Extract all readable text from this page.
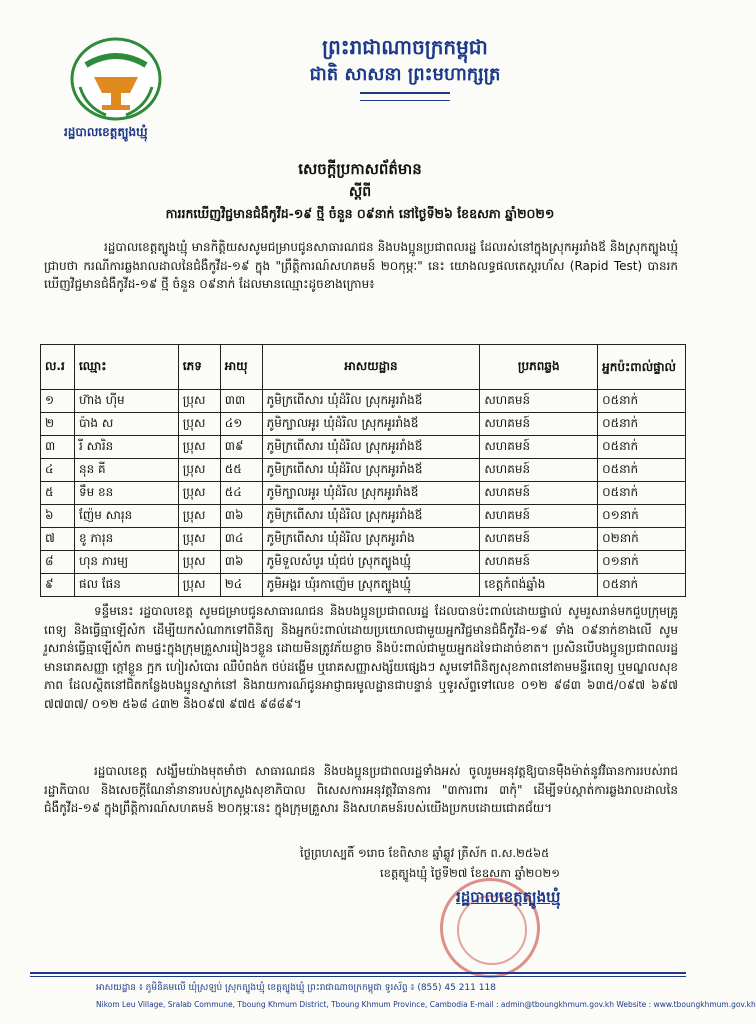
រដ្ឋបាលខេត្តត្បូងឃ្មុំ
ព្រះរាជាណាចក្រកម្ពុជា
ជាតិ សាសនា ព្រះមហាក្សត្រ
សេចក្តីប្រកាសព័ត៌មាន
ស្តីពី
ការរកឃើញវិជ្ជមានជំងឺកូវីដ-១៩ ថ្មី ចំនួន ០៩នាក់ នៅថ្ងៃទី២៦ ខែឧសភា ឆ្នាំ២០២១
រដ្ឋបាលខេត្តត្បូងឃ្មុំ មានកិត្តិយសសូមជម្រាបជូនសាធារណជន និងបងប្អូនប្រជាពលរដ្ឋ ដែលរស់នៅក្នុងស្រុកអូររាំងឪ និងស្រុកត្បូងឃ្មុំ ជ្រាបថា ករណីការឆ្លងរាលដាលនៃជំងឺកូវីដ-១៩ ក្នុង "ព្រឹត្តិការណ៍សហគមន៍ ២០កុម្ភៈ" នេះ យោងលទ្ធផលតេស្តរហ័ស (Rapid Test) បានរកឃើញវិជ្ជមានជំងឺកូវីដ-១៩ ថ្មី ចំនួន ០៩នាក់ ដែលមានឈ្មោះដូចខាងក្រោម៖
ល.រ	ឈ្មោះ	ភេទ	អាយុ	អាសយដ្ឋាន	ប្រភពឆ្លង	អ្នកប៉ះពាល់ផ្ទាល់
១	ហ៊ាង ហ៊ីម	ប្រុស	៣៣	ភូមិក្រពើសារ ឃុំដំរិល ស្រុកអូររាំងឪ	សហគមន៍	០៥នាក់
២	ប៉ាង ស	ប្រុស	៤១	ភូមិក្បាលអូរ ឃុំដំរិល ស្រុកអូររាំងឪ	សហគមន៍	០៥នាក់
៣	រី សារិន	ប្រុស	៣៩	ភូមិក្រពើសារ ឃុំដំរិល ស្រុកអូររាំងឪ	សហគមន៍	០៥នាក់
៤	នុន គី	ប្រុស	៥៥	ភូមិក្រពើសារ ឃុំដំរិល ស្រុកអូររាំងឪ	សហគមន៍	០៥នាក់
៥	ទឹម ខន	ប្រុស	៥៤	ភូមិក្បាលអូរ ឃុំដំរិល ស្រុកអូររាំងឪ	សហគមន៍	០៥នាក់
៦	ញ៉ែម សារុន	ប្រុស	៣៦	ភូមិក្រពើសារ ឃុំដំរិល ស្រុកអូររាំងឪ	សហគមន៍	០១នាក់
៧	ខូ ភារុន	ប្រុស	៣៤	ភូមិក្រពើសារ ឃុំដំរិល ស្រុកអូររាំង	សហគមន៍	០២នាក់
៨	ហុន ភារម្យ	ប្រុស	៣៦	ភូមិទួលសំបូរ ឃុំជប់ ស្រុកត្បូងឃ្មុំ	សហគមន៍	០១នាក់
៩	ផល ផែន	ប្រុស	២៤	ភូមិអង្គរ ឃុំរកាញ៉េម ស្រុកត្បូងឃ្មុំ	ខេត្តកំពង់ឆ្នាំង	០៥នាក់
ទន្ទឹមនេះ រដ្ឋបាលខេត្ត សូមជម្រាបជូនសាធារណជន និងបងប្អូនប្រជាពលរដ្ឋ ដែលបានប៉ះពាល់ដោយផ្ទាល់ សូមរួសរាន់មកជួបក្រុមគ្រូពេទ្យ និងធ្វើធ្មាឡើសំក ដើម្បីយកសំណាកទៅពិនិត្យ និងអ្នកប៉ះពាល់ដោយប្រយោលជាមួយអ្នកវិជ្ជមានជំងឺកូវីដ-១៩ ទាំង ០៩នាក់ខាងលើ សូមរួសរាន់ធ្វើធ្មាឡើសំក តាមផ្ទះក្នុងក្រុមគ្រួសាររៀងៗខ្លួន ដោយមិនត្រូវភ័យខ្លាច និងប៉ះពាល់ជាមួយអ្នកដទៃជាដាច់ខាត។ ប្រសិនបើបងប្អូនប្រជាពលរដ្ឋមានរោគសញ្ញា ក្តៅខ្លួន ក្អក ហៀរសំបោរ ឈឺបំពង់ក ថប់ដង្ហើម ឬរោគសញ្ញាសង្ស័យផ្សេងៗ សូមទៅពិនិត្យសុខភាពនៅតាមមន្ទីរពេទ្យ ឬមណ្ឌលសុខភាព ដែលស្ថិតនៅជិតកន្លែងបងប្អូនស្នាក់នៅ និងរាយការណ៍ជូនអាជ្ញាធរមូលដ្ឋានជាបន្ទាន់ ឬទូរស័ព្ទទៅលេខ ០១២ ៩៨៣ ៦៣៥/០៩៧ ៦៩៧ ៧៧៣៧/ ០១២ ៥៦៨ ៤៣២ និង០៩៧ ៩៧៥ ៩៨៨៩។
រដ្ឋបាលខេត្ត សង្ឃឹមយ៉ាងមុតមាំថា សាធារណជន និងបងប្អូនប្រជាពលរដ្ឋទាំងអស់ ចូលរួមអនុវត្តឱ្យបានម៉ឺងម៉ាត់នូវវិធានការរបស់រាជរដ្ឋាភិបាល និងសេចក្តីណែនាំនានារបស់ក្រសួងសុខាភិបាល ពិសេសការអនុវត្តវិធានការ "៣ការពារ ៣កុំ" ដើម្បីទប់ស្កាត់ការឆ្លងរាលដាលនៃជំងឺកូវីដ-១៩ ក្នុងព្រឹត្តិការណ៍សហគមន៍ ២០កុម្ភៈនេះ ក្នុងក្រុមគ្រួសារ និងសហគមន៍របស់យើងប្រកបដោយជោគជ័យ។
ថ្ងៃព្រហស្បតិ៍ ១រោច ខែពិសាខ ឆ្នាំឆ្លូវ ត្រីស័ក ព.ស.២៥៦៥
ខេត្តត្បូងឃ្មុំ ថ្ងៃទី២៧ ខែឧសភា ឆ្នាំ២០២១
រដ្ឋបាលខេត្តត្បូងឃ្មុំ
អាសយដ្ឋាន ៖ ភូមិនិគមលើ ឃុំស្រឡប់ ស្រុកត្បូងឃ្មុំ ខេត្តត្បូងឃ្មុំ ព្រះរាជាណាចក្រកម្ពុជា ទូរស័ព្ទ ៖ (855) 45 211 118
Nikom Leu Village, Sralab Commune, Tboung Khmum District, Tboung Khmum Province, Cambodia E-mail : admin@tboungkhmum.gov.kh Website : www.tboungkhmum.gov.kh
